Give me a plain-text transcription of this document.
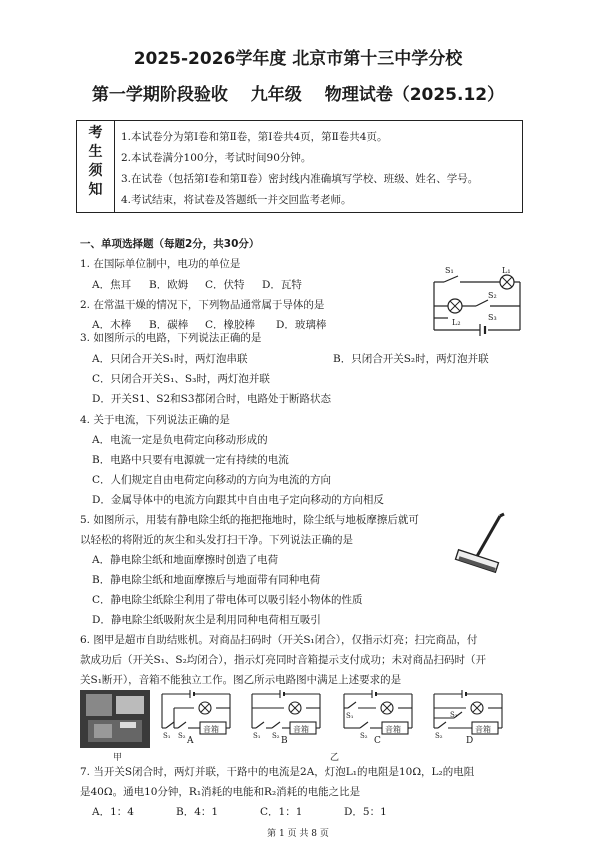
2025-2026学年度 北京市第十三中学分校
第一学期阶段验收　 九年级　 物理试卷（2025.12）
考
生
须
知
1.本试卷分为第Ⅰ卷和第Ⅱ卷，第Ⅰ卷共4页，第Ⅱ卷共4页。
2.本试卷满分100分，考试时间90分钟。
3.在试卷（包括第Ⅰ卷和第Ⅱ卷）密封线内准确填写学校、班级、姓名、学号。
4.考试结束，将试卷及答题纸一并交回监考老师。
一、单项选择题（每题2分，共30分）
1. 在国际单位制中，电功的单位是
A．焦耳 B．欧姆 C．伏特 D．瓦特
2. 在常温干燥的情况下，下列物品通常属于导体的是
A．木棒 B．碳棒 C．橡胶棒 D．玻璃棒
S₁	L₁
S₂
S₃
L₂
3. 如图所示的电路，下列说法正确的是
A．只闭合开关S₁时，两灯泡串联	B．只闭合开关S₂时，两灯泡并联
C．只闭合开关S₁、S₃时，两灯泡并联
D．开关S1、S2和S3都闭合时，电路处于断路状态
4. 关于电流，下列说法正确的是
A．电流一定是负电荷定向移动形成的
B．电路中只要有电源就一定有持续的电流
C．人们规定自由电荷定向移动的方向为电流的方向
D．金属导体中的电流方向跟其中自由电子定向移动的方向相反
5. 如图所示，用装有静电除尘纸的拖把拖地时，除尘纸与地板摩擦后就可
以轻松的将附近的灰尘和头发打扫干净。下列说法正确的是
A．静电除尘纸和地面摩擦时创造了电荷
B．静电除尘纸和地面摩擦后与地面带有同种电荷
C．静电除尘纸除尘利用了带电体可以吸引轻小物体的性质
D．静电除尘纸吸附灰尘是利用同种电荷相互吸引
6. 图甲是超市自助结账机。对商品扫码时（开关S₁闭合），仅指示灯亮；扫完商品，付
款成功后（开关S₁、S₂均闭合），指示灯亮同时音箱提示支付成功；未对商品扫码时（开
关S₁断开），音箱不能独立工作。图乙所示电路图中满足上述要求的是
甲	乙
音箱
S₁ S₂ A
音箱
S₁ S₂ B
音箱
S₁
S₂ C
音箱
S₁
S₂	D
7. 当开关S闭合时，两灯并联，干路中的电流是2A，灯泡L₁的电阻是10Ω，L₂的电阻
是40Ω。通电10分钟，R₁消耗的电能和R₂消耗的电能之比是
A．1：4	B．4：1	C．1：1	D．5：1
第 1 页 共 8 页
